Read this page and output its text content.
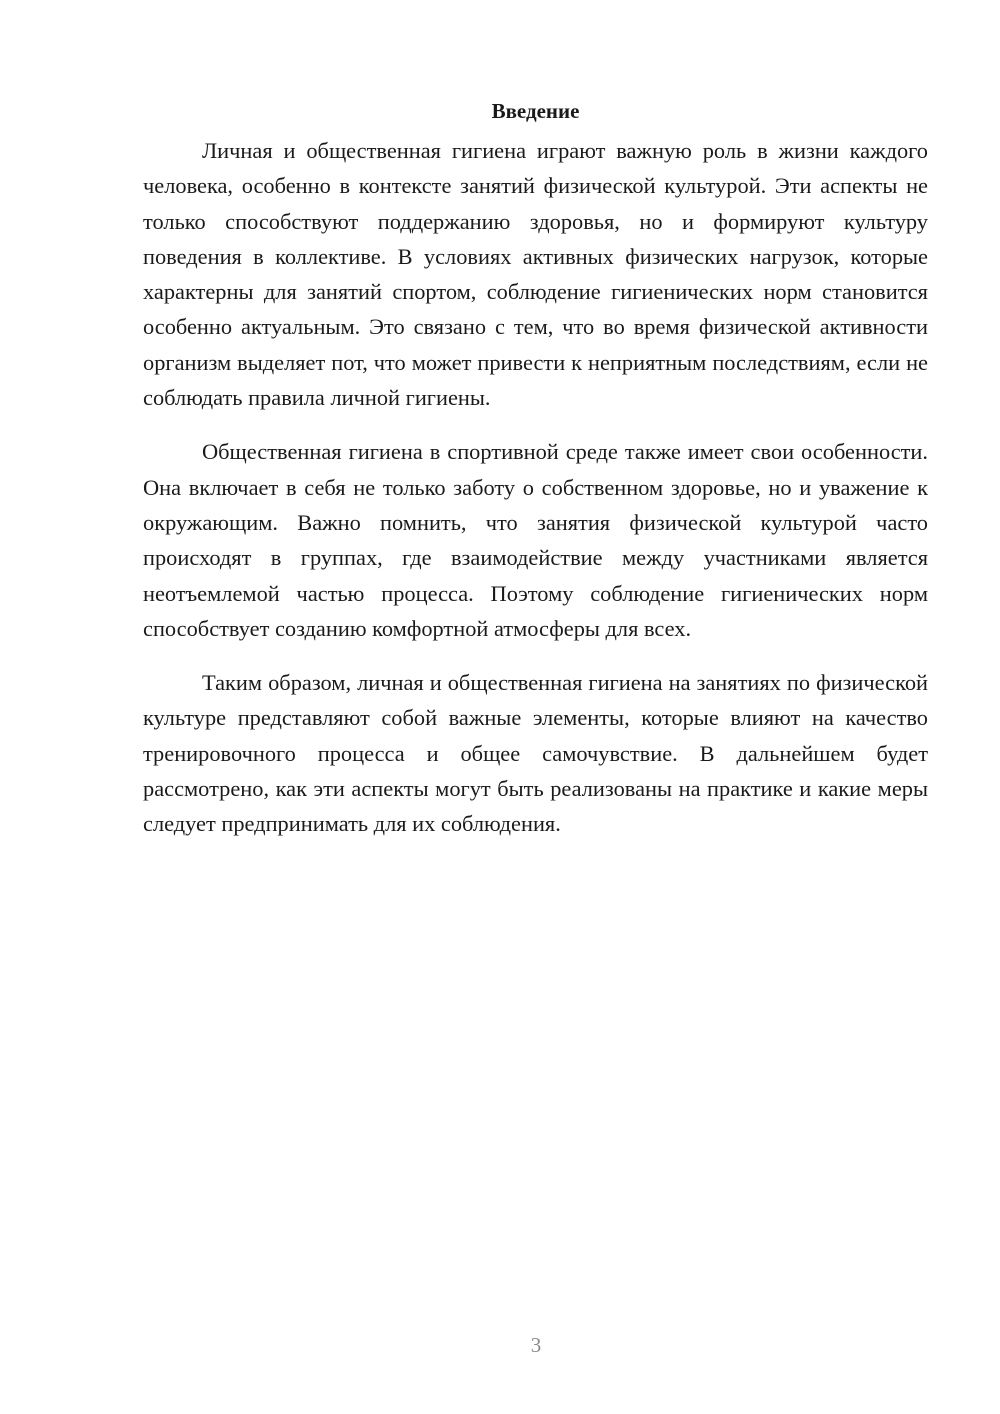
Введение

Личная и общественная гигиена играют важную роль в жизни каждого человека, особенно в контексте занятий физической культурой. Эти аспекты не только способствуют поддержанию здоровья, но и формируют культуру поведения в коллективе. В условиях активных физических нагрузок, которые характерны для занятий спортом, соблюдение гигиенических норм становится особенно актуальным. Это связано с тем, что во время физической активности организм выделяет пот, что может привести к неприятным последствиям, если не соблюдать правила личной гигиены.

Общественная гигиена в спортивной среде также имеет свои особенности. Она включает в себя не только заботу о собственном здоровье, но и уважение к окружающим. Важно помнить, что занятия физической культурой часто происходят в группах, где взаимодействие между участниками является неотъемлемой частью процесса. Поэтому соблюдение гигиенических норм способствует созданию комфортной атмосферы для всех.

Таким образом, личная и общественная гигиена на занятиях по физической культуре представляют собой важные элементы, которые влияют на качество тренировочного процесса и общее самочувствие. В дальнейшем будет рассмотрено, как эти аспекты могут быть реализованы на практике и какие меры следует предпринимать для их соблюдения.

3
